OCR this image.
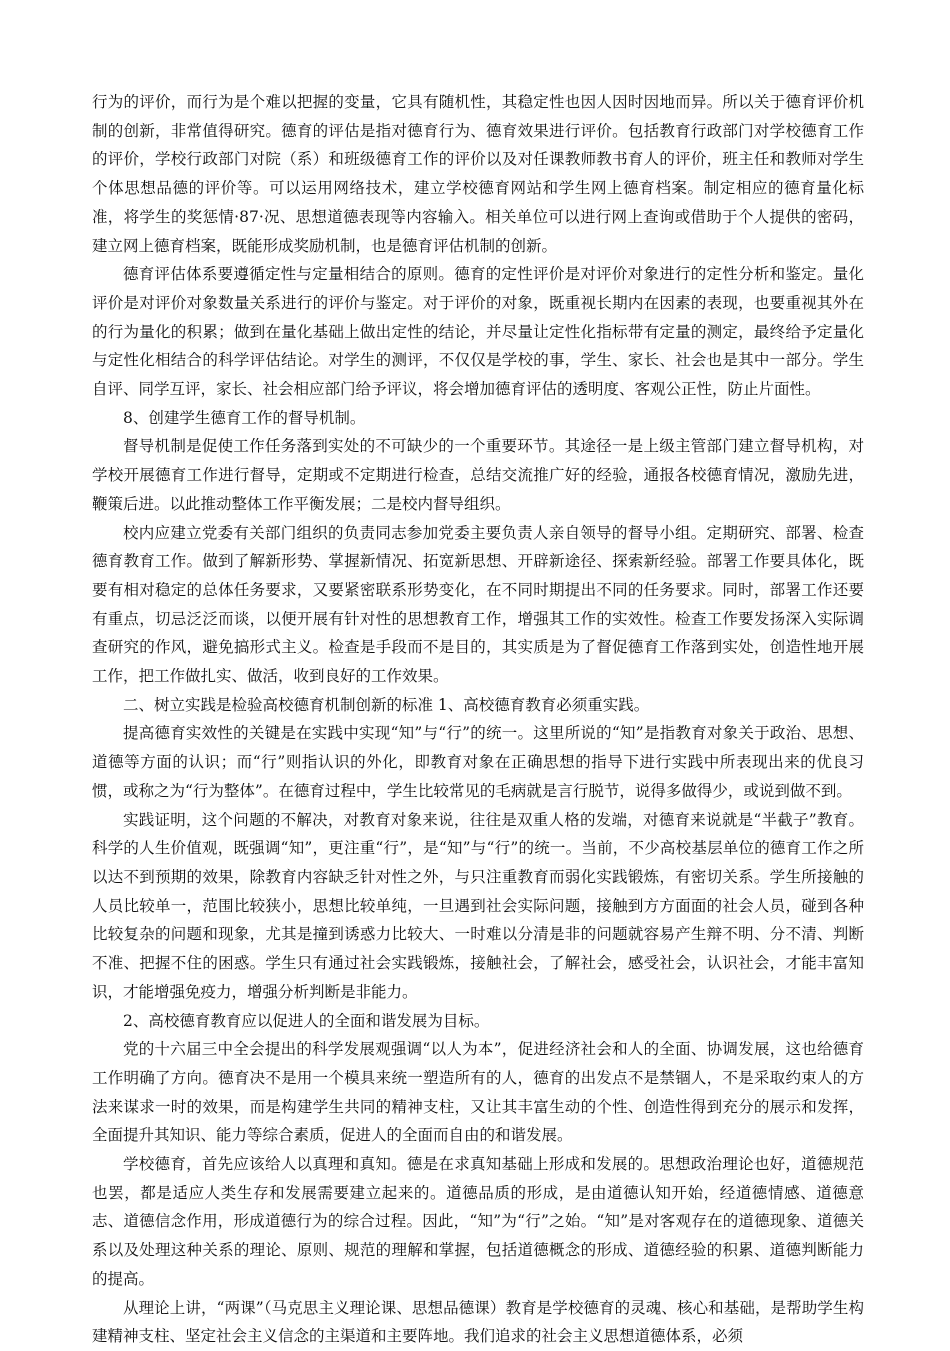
行为的评价，而行为是个难以把握的变量，它具有随机性，其稳定性也因人因时因地而异。所以关于德育评价机制的创新，非常值得研究。德育的评估是指对德育行为、德育效果进行评价。包括教育行政部门对学校德育工作的评价，学校行政部门对院（系）和班级德育工作的评价以及对任课教师教书育人的评价，班主任和教师对学生个体思想品德的评价等。可以运用网络技术，建立学校德育网站和学生网上德育档案。制定相应的德育量化标准，将学生的奖惩情·87·况、思想道德表现等内容输入。相关单位可以进行网上查询或借助于个人提供的密码，建立网上德育档案，既能形成奖励机制，也是德育评估机制的创新。

德育评估体系要遵循定性与定量相结合的原则。德育的定性评价是对评价对象进行的定性分析和鉴定。量化评价是对评价对象数量关系进行的评价与鉴定。对于评价的对象，既重视长期内在因素的表现，也要重视其外在的行为量化的积累；做到在量化基础上做出定性的结论，并尽量让定性化指标带有定量的测定，最终给予定量化与定性化相结合的科学评估结论。对学生的测评，不仅仅是学校的事，学生、家长、社会也是其中一部分。学生自评、同学互评，家长、社会相应部门给予评议，将会增加德育评估的透明度、客观公正性，防止片面性。

8、创建学生德育工作的督导机制。

督导机制是促使工作任务落到实处的不可缺少的一个重要环节。其途径一是上级主管部门建立督导机构，对学校开展德育工作进行督导，定期或不定期进行检查，总结交流推广好的经验，通报各校德育情况，激励先进，鞭策后进。以此推动整体工作平衡发展；二是校内督导组织。

校内应建立党委有关部门组织的负责同志参加党委主要负责人亲自领导的督导小组。定期研究、部署、检查德育教育工作。做到了解新形势、掌握新情况、拓宽新思想、开辟新途径、探索新经验。部署工作要具体化，既要有相对稳定的总体任务要求，又要紧密联系形势变化，在不同时期提出不同的任务要求。同时，部署工作还要有重点，切忌泛泛而谈，以便开展有针对性的思想教育工作，增强其工作的实效性。检查工作要发扬深入实际调查研究的作风，避免搞形式主义。检查是手段而不是目的，其实质是为了督促德育工作落到实处，创造性地开展工作，把工作做扎实、做活，收到良好的工作效果。

二、树立实践是检验高校德育机制创新的标准 1、高校德育教育必须重实践。

提高德育实效性的关键是在实践中实现“知”与“行”的统一。这里所说的“知”是指教育对象关于政治、思想、道德等方面的认识；而“行”则指认识的外化，即教育对象在正确思想的指导下进行实践中所表现出来的优良习惯，或称之为“行为整体”。在德育过程中，学生比较常见的毛病就是言行脱节，说得多做得少，或说到做不到。

实践证明，这个问题的不解决，对教育对象来说，往往是双重人格的发端，对德育来说就是“半截子”教育。科学的人生价值观，既强调“知”，更注重“行”，是“知”与“行”的统一。当前，不少高校基层单位的德育工作之所以达不到预期的效果，除教育内容缺乏针对性之外，与只注重教育而弱化实践锻炼，有密切关系。学生所接触的人员比较单一，范围比较狭小，思想比较单纯，一旦遇到社会实际问题，接触到方方面面的社会人员，碰到各种比较复杂的问题和现象，尤其是撞到诱惑力比较大、一时难以分清是非的问题就容易产生辩不明、分不清、判断不准、把握不住的困惑。学生只有通过社会实践锻炼，接触社会，了解社会，感受社会，认识社会，才能丰富知识，才能增强免疫力，增强分析判断是非能力。

2、高校德育教育应以促进人的全面和谐发展为目标。

党的十六届三中全会提出的科学发展观强调“以人为本”，促进经济社会和人的全面、协调发展，这也给德育工作明确了方向。德育决不是用一个模具来统一塑造所有的人，德育的出发点不是禁锢人，不是采取约束人的方法来谋求一时的效果，而是构建学生共同的精神支柱，又让其丰富生动的个性、创造性得到充分的展示和发挥，全面提升其知识、能力等综合素质，促进人的全面而自由的和谐发展。

学校德育，首先应该给人以真理和真知。德是在求真知基础上形成和发展的。思想政治理论也好，道德规范也罢，都是适应人类生存和发展需要建立起来的。道德品质的形成，是由道德认知开始，经道德情感、道德意志、道德信念作用，形成道德行为的综合过程。因此，“知”为“行”之始。“知”是对客观存在的道德现象、道德关系以及处理这种关系的理论、原则、规范的理解和掌握，包括道德概念的形成、道德经验的积累、道德判断能力的提高。

从理论上讲，“两课”（马克思主义理论课、思想品德课）教育是学校德育的灵魂、核心和基础，是帮助学生构建精神支柱、坚定社会主义信念的主渠道和主要阵地。我们追求的社会主义思想道德体系，必须
